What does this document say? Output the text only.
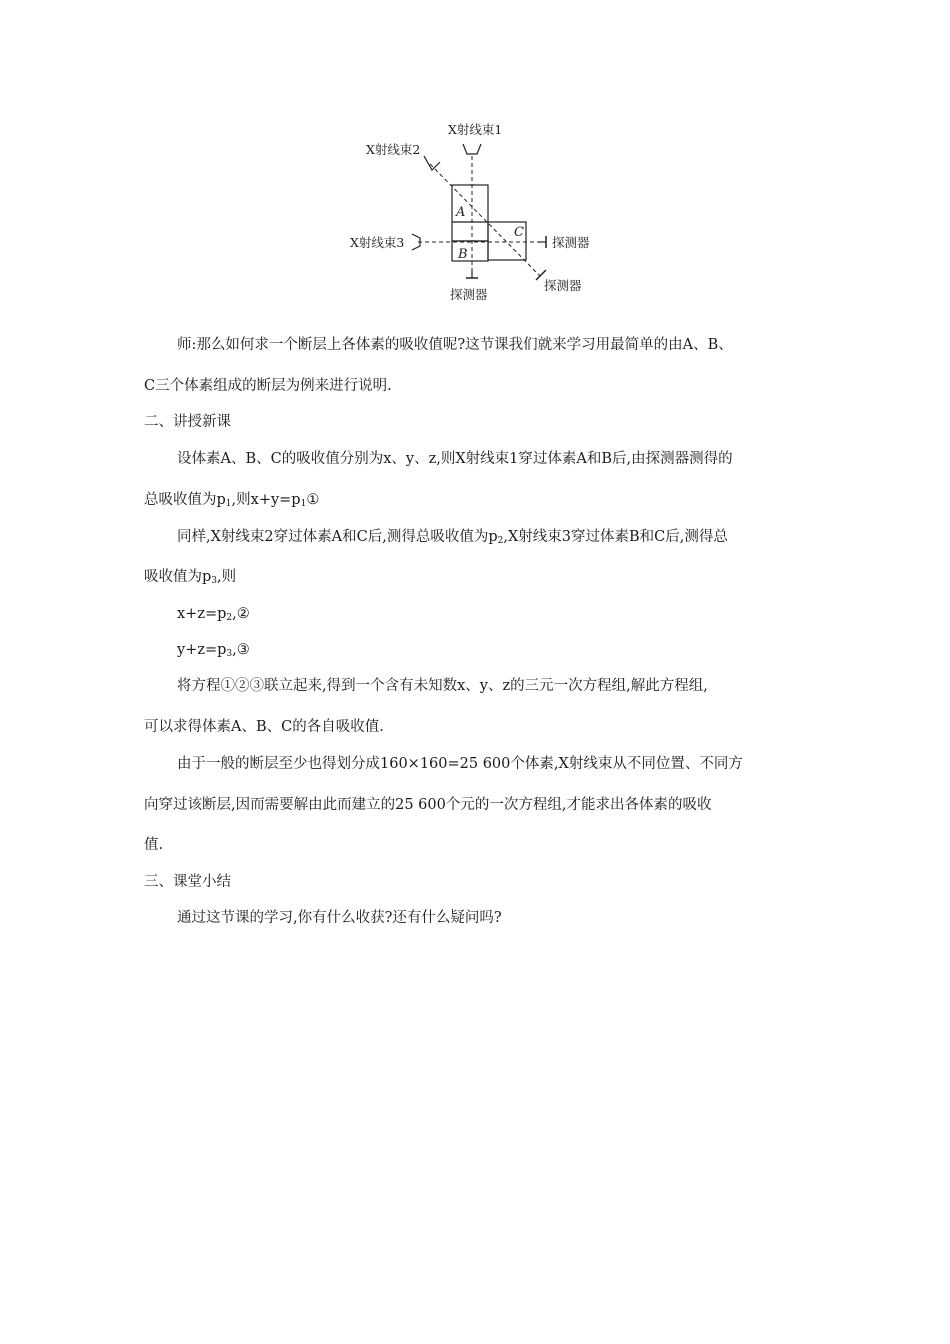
X射线束1
X射线束2
X射线束3	探测器
探测器
探测器
A
C
B

师:那么如何求一个断层上各体素的吸收值呢?这节课我们就来学习用最简单的由A、B、

C三个体素组成的断层为例来进行说明.

二、讲授新课

设体素A、B、C的吸收值分别为x、y、z,则X射线束1穿过体素A和B后,由探测器测得的

总吸收值为$p_1$,则$x+y=p_1①$

同样,X射线束2穿过体素A和C后,测得总吸收值为$p_2,X$射线束3穿过体素B和C后,测得总

吸收值为$p_3$,则

$x+z=p_2,②$

$y+z=p_3,③$

将方程①②③联立起来,得到一个含有未知数x、y、z的三元一次方程组,解此方程组,

可以求得体素A、B、C的各自吸收值.

由于一般的断层至少也得划分成160×160=25 600个体素,X射线束从不同位置、不同方

向穿过该断层,因而需要解由此而建立的25 600个元的一次方程组,才能求出各体素的吸收

值.

三、课堂小结

通过这节课的学习,你有什么收获?还有什么疑问吗?
